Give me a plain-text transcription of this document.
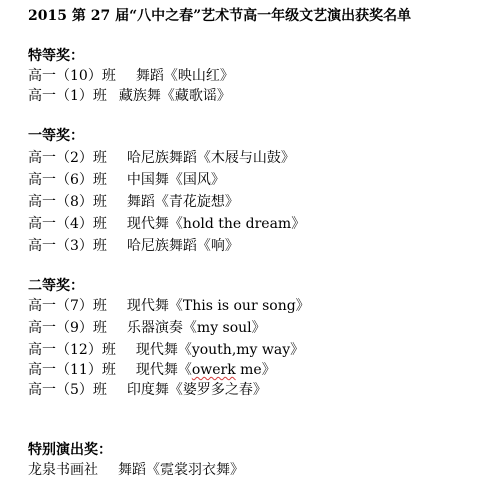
2015 第 27 届“八中之春”艺术节高一年级文艺演出获奖名单
特等奖：
高一（10）班 舞蹈《映山红》
高一（1）班 藏族舞《藏歌谣》
一等奖：
高一（2）班 哈尼族舞蹈《木屐与山鼓》
高一（6）班 中国舞《国风》
高一（8）班 舞蹈《青花旋想》
高一（4）班 现代舞《hold the dream》
高一（3）班 哈尼族舞蹈《响》
二等奖：
高一（7）班 现代舞《This is our song》
高一（9）班 乐器演奏《my soul》
高一（12）班 现代舞《youth,my way》
高一（11）班 现代舞《owerk me》
高一（5）班 印度舞《婆罗多之春》
特别演出奖：
龙泉书画社 舞蹈《霓裳羽衣舞》
